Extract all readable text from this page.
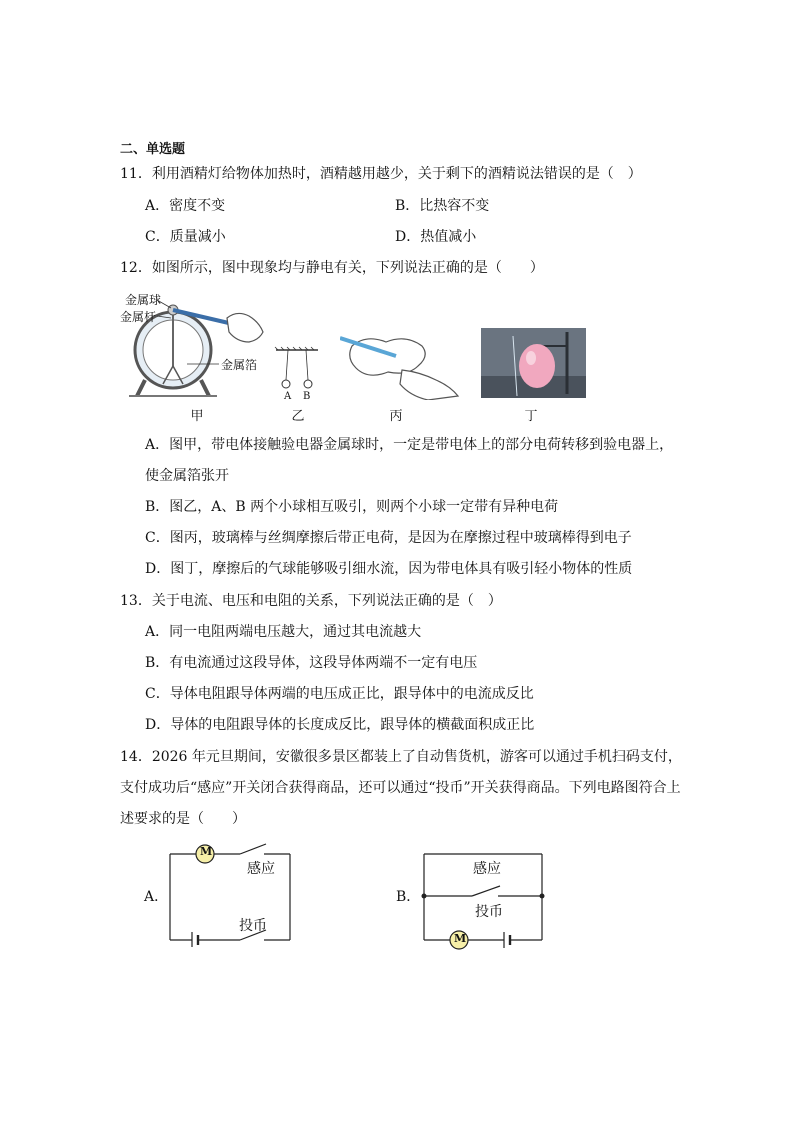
二、单选题
11．利用酒精灯给物体加热时，酒精越用越少，关于剩下的酒精说法错误的是（　）
A．密度不变	B．比热容不变
C．质量减小	D．热值减小
12．如图所示，图中现象均与静电有关，下列说法正确的是（　　）
金属球
金属杆
金属箔
甲
A B
乙	丙	丁
A．图甲，带电体接触验电器金属球时，一定是带电体上的部分电荷转移到验电器上，
使金属箔张开
B．图乙，A、B 两个小球相互吸引，则两个小球一定带有异种电荷
C．图丙，玻璃棒与丝绸摩擦后带正电荷，是因为在摩擦过程中玻璃棒得到电子
D．图丁，摩擦后的气球能够吸引细水流，因为带电体具有吸引轻小物体的性质
13．关于电流、电压和电阻的关系，下列说法正确的是（　）
A．同一电阻两端电压越大，通过其电流越大
B．有电流通过这段导体，这段导体两端不一定有电压
C．导体电阻跟导体两端的电压成正比，跟导体中的电流成反比
D．导体的电阻跟导体的长度成反比，跟导体的横截面积成正比
14．2026 年元旦期间，安徽很多景区都装上了自动售货机，游客可以通过手机扫码支付，
支付成功后“感应”开关闭合获得商品，还可以通过“投币”开关获得商品。下列电路图符合上
述要求的是（　　）
A．
M
感应
投币
B．
M
感应
投币
